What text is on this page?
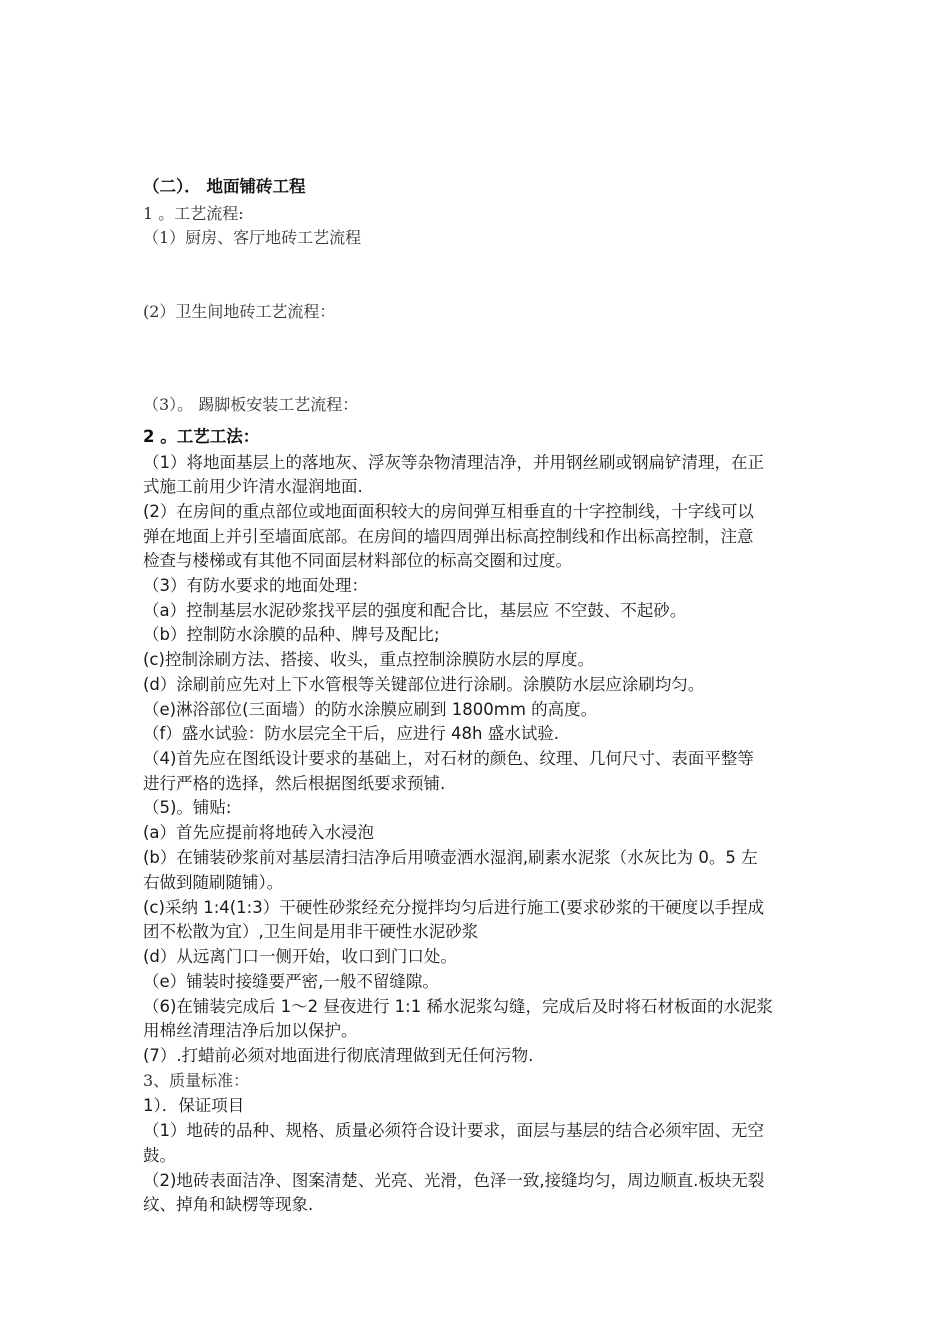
（二）． 地面铺砖工程
1 。工艺流程:
（1）厨房、客厅地砖工艺流程
(2）卫生间地砖工艺流程：
（3）。 踢脚板安装工艺流程：
2 。工艺工法：
（1）将地面基层上的落地灰、浮灰等杂物清理洁净，并用钢丝刷或钢扁铲清理，在正
式施工前用少许清水湿润地面.
(2）在房间的重点部位或地面面积较大的房间弹互相垂直的十字控制线，十字线可以
弹在地面上并引至墙面底部。在房间的墙四周弹出标高控制线和作出标高控制，注意
检查与楼梯或有其他不同面层材料部位的标高交圈和过度。
（3）有防水要求的地面处理：
（a）控制基层水泥砂浆找平层的强度和配合比，基层应 不空鼓、不起砂。
（b）控制防水涂膜的品种、牌号及配比;
(c)控制涂刷方法、搭接、收头，重点控制涂膜防水层的厚度。
(d）涂刷前应先对上下水管根等关键部位进行涂刷。涂膜防水层应涂刷均匀。
（e)淋浴部位(三面墙）的防水涂膜应刷到 1800mm 的高度。
（f）盛水试验：防水层完全干后，应进行 48h 盛水试验.
（4)首先应在图纸设计要求的基础上，对石材的颜色、纹理、几何尺寸、表面平整等
进行严格的选择，然后根据图纸要求预铺.
（5)。铺贴:
(a）首先应提前将地砖入水浸泡
(b）在铺装砂浆前对基层清扫洁净后用喷壶洒水湿润,刷素水泥浆（水灰比为 0。5 左
右做到随刷随铺）。
(c)采纳 1:4(1:3）干硬性砂浆经充分搅拌均匀后进行施工(要求砂浆的干硬度以手捏成
团不松散为宜）,卫生间是用非干硬性水泥砂浆
(d）从远离门口一侧开始，收口到门口处。
（e）铺装时接缝要严密,一般不留缝隙。
（6)在铺装完成后 1～2 昼夜进行 1:1 稀水泥浆勾缝，完成后及时将石材板面的水泥浆
用棉丝清理洁净后加以保护。
(7）.打蜡前必须对地面进行彻底清理做到无任何污物.
3、质量标准：
1）．保证项目
（1）地砖的品种、规格、质量必须符合设计要求，面层与基层的结合必须牢固、无空
鼓。
（2)地砖表面洁净、图案清楚、光亮、光滑，色泽一致,接缝均匀，周边顺直.板块无裂
纹、掉角和缺楞等现象.
